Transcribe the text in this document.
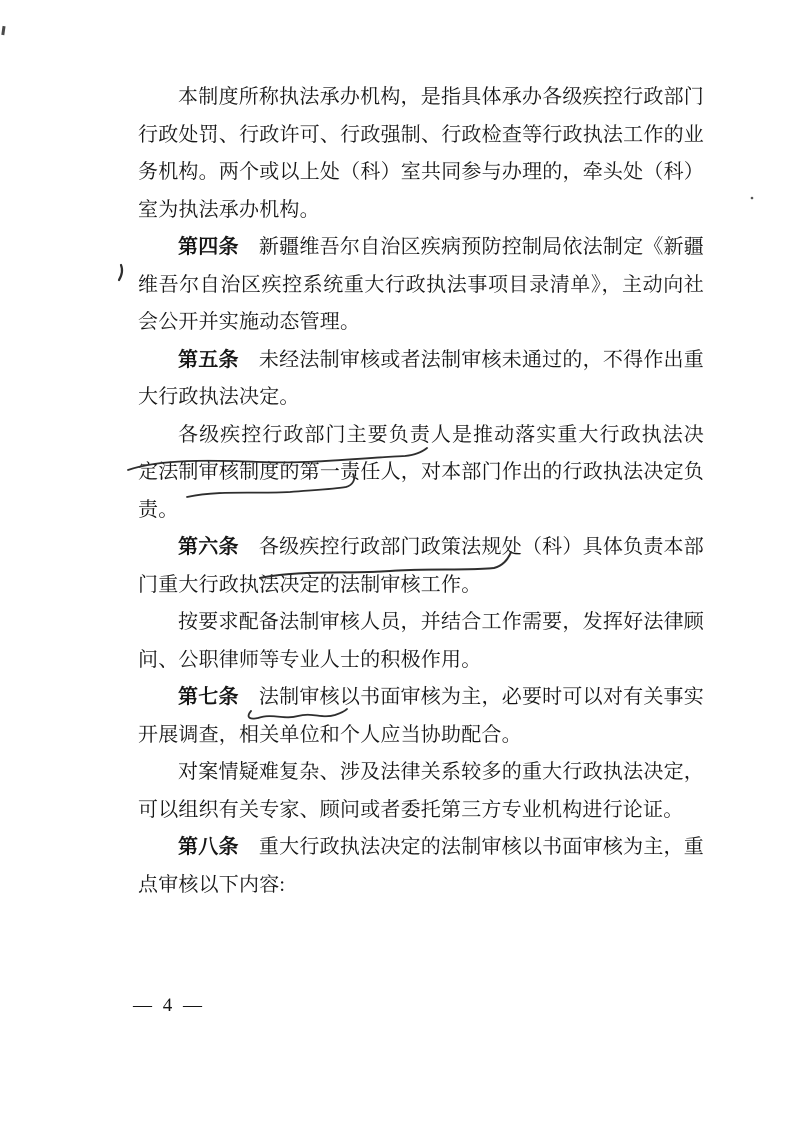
本制度所称执法承办机构，是指具体承办各级疾控行政部门
行政处罚、行政许可、行政强制、行政检查等行政执法工作的业
务机构。两个或以上处（科）室共同参与办理的，牵头处（科）
室为执法承办机构。
第四条　新疆维吾尔自治区疾病预防控制局依法制定《新疆
维吾尔自治区疾控系统重大行政执法事项目录清单》，主动向社
会公开并实施动态管理。
第五条　未经法制审核或者法制审核未通过的，不得作出重
大行政执法决定。
各级疾控行政部门主要负责人是推动落实重大行政执法决
定法制审核制度的第一责任人，对本部门作出的行政执法决定负
责。
第六条　各级疾控行政部门政策法规处（科）具体负责本部
门重大行政执法决定的法制审核工作。
按要求配备法制审核人员，并结合工作需要，发挥好法律顾
问、公职律师等专业人士的积极作用。
第七条　法制审核以书面审核为主，必要时可以对有关事实
开展调查，相关单位和个人应当协助配合。
对案情疑难复杂、涉及法律关系较多的重大行政执法决定，
可以组织有关专家、顾问或者委托第三方专业机构进行论证。
第八条　重大行政执法决定的法制审核以书面审核为主，重
点审核以下内容:
— 4 —
